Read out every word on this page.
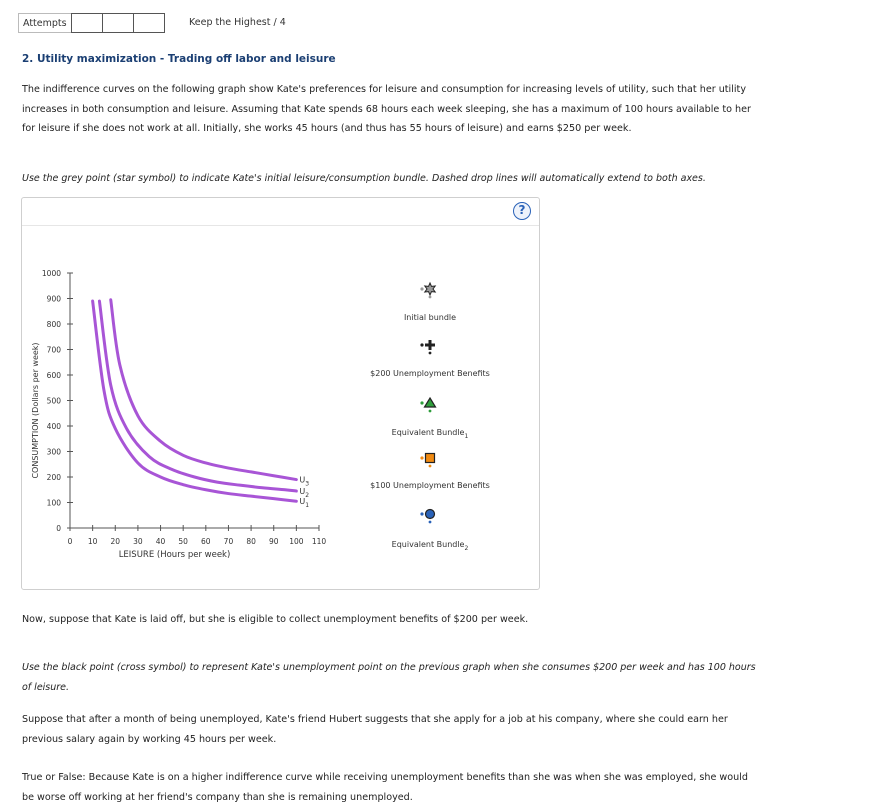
Attempts	Keep the Highest / 4
2. Utility maximization - Trading off labor and leisure
The indifference curves on the following graph show Kate's preferences for leisure and consumption for increasing levels of utility, such that her utility increases in both consumption and leisure. Assuming that Kate spends 68 hours each week sleeping, she has a maximum of 100 hours available to her for leisure if she does not work at all. Initially, she works 45 hours (and thus has 55 hours of leisure) and earns $250 per week.
Use the grey point (star symbol) to indicate Kate's initial leisure/consumption bundle. Dashed drop lines will automatically extend to both axes.
?
0 10 20 30 40 50 60 70 80 90 100 110
0
100
200
300
400
500
600
700
800
900
1000
LEISURE (Hours per week)
CONSUMPTION (Dollars per week)
$U_1$
$U_2$
$U_3$
Initial bundle
$200 Unemployment Benefits
Equivalent Bundle$_1$
$100 Unemployment Benefits
Equivalent Bundle$_2$
Now, suppose that Kate is laid off, but she is eligible to collect unemployment benefits of $200 per week.
Use the black point (cross symbol) to represent Kate's unemployment point on the previous graph when she consumes $200 per week and has 100 hours of leisure.
Suppose that after a month of being unemployed, Kate's friend Hubert suggests that she apply for a job at his company, where she could earn her previous salary again by working 45 hours per week.
True or False: Because Kate is on a higher indifference curve while receiving unemployment benefits than she was when she was employed, she would be worse off working at her friend's company than she is remaining unemployed.
